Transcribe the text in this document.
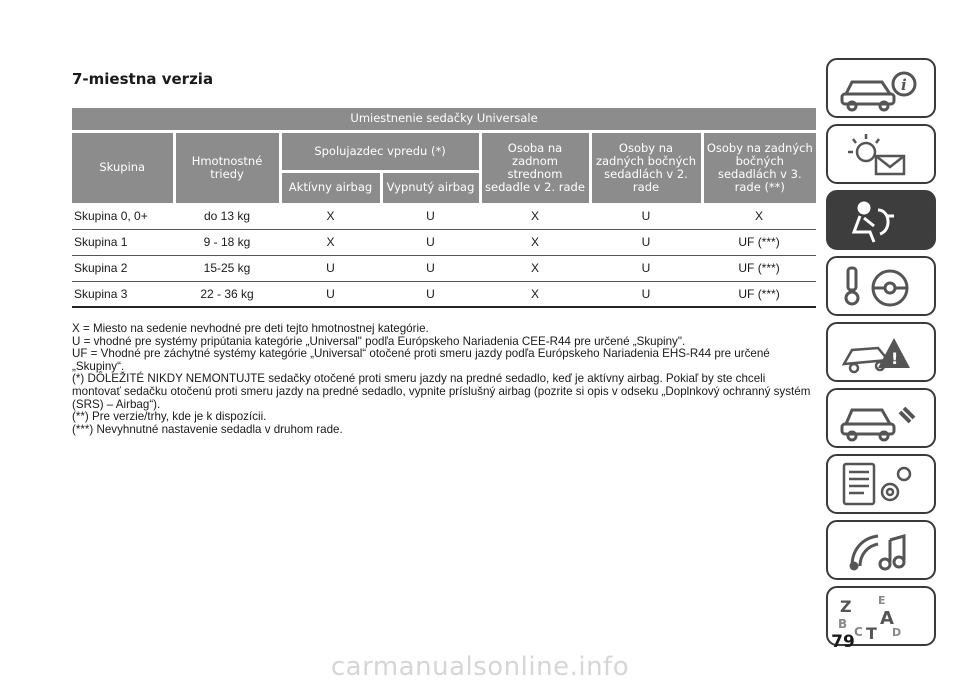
7-miestna verzia
Umiestnenie sedačky Universale						
Skupina	Hmotnostné triedy	Spolujazdec vpredu (*)		Osoba na zadnom strednom sedadle v 2. rade	Osoby na zadných bočných sedadlách v 2. rade	Osoby na zadných bočných sedadlách v 3. rade (**)
		Aktívny airbag	Vypnutý airbag			
Skupina 0, 0+	do 13 kg	X	U	X	U	X
Skupina 1	9 - 18 kg	X	U	X	U	UF (***)
Skupina 2	15-25 kg	U	U	X	U	UF (***)
Skupina 3	22 - 36 kg	U	U	X	U	UF (***)

X = Miesto na sedenie nevhodné pre deti tejto hmotnostnej kategórie.

U = vhodné pre systémy pripútania kategórie „Universal" podľa Európskeho Nariadenia CEE-R44 pre určené „Skupiny".

UF = Vhodné pre záchytné systémy kategórie „Universal“ otočené proti smeru jazdy podľa Európskeho Nariadenia EHS-R44 pre určené „Skupiny“.

(*) DÔLEŽITÉ NIKDY NEMONTUJTE sedačky otočené proti smeru jazdy na predné sedadlo, keď je aktívny airbag. Pokiaľ by ste chceli montovať sedačku otočenú proti smeru jazdy na predné sedadlo, vypnite príslušný airbag (pozrite si opis v odseku „Doplnkový ochranný systém (SRS) – Airbag“).

(**) Pre verzie/trhy, kde je k dispozícii.

(***) Nevyhnutné nastavenie sedadla v druhom rade.

i
!
Z E
B A
C T D
79
carmanualsonline.info
